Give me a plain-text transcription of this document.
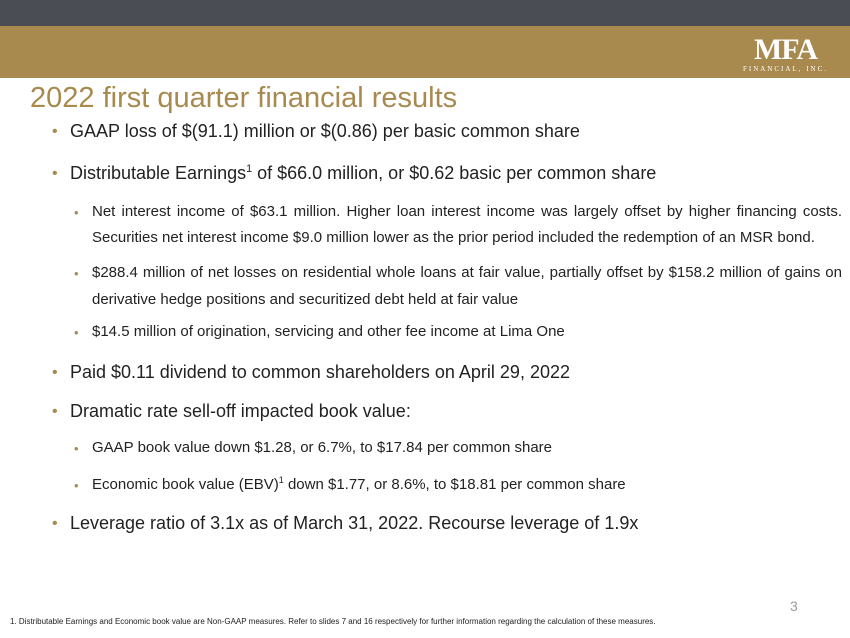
MFA
FINANCIAL, INC.
2022 first quarter financial results
• GAAP loss of $(91.1) million or $(0.86) per basic common share
• Distributable Earnings$^1$ of $66.0 million, or $0.62 basic per common share
• Net interest income of $63.1 million. Higher loan interest income was largely offset by higher financing costs. Securities net interest income $9.0 million lower as the prior period included the redemption of an MSR bond.
• $288.4 million of net losses on residential whole loans at fair value, partially offset by $158.2 million of gains on derivative hedge positions and securitized debt held at fair value
• $14.5 million of origination, servicing and other fee income at Lima One
• Paid $0.11 dividend to common shareholders on April 29, 2022
• Dramatic rate sell-off impacted book value:
• GAAP book value down $1.28, or 6.7%, to $17.84 per common share
• Economic book value (EBV)$^1$ down $1.77, or 8.6%, to $18.81 per common share
• Leverage ratio of 3.1x as of March 31, 2022. Recourse leverage of 1.9x
3
1. Distributable Earnings and Economic book value are Non-GAAP measures. Refer to slides 7 and 16 respectively for further information regarding the calculation of these measures.
